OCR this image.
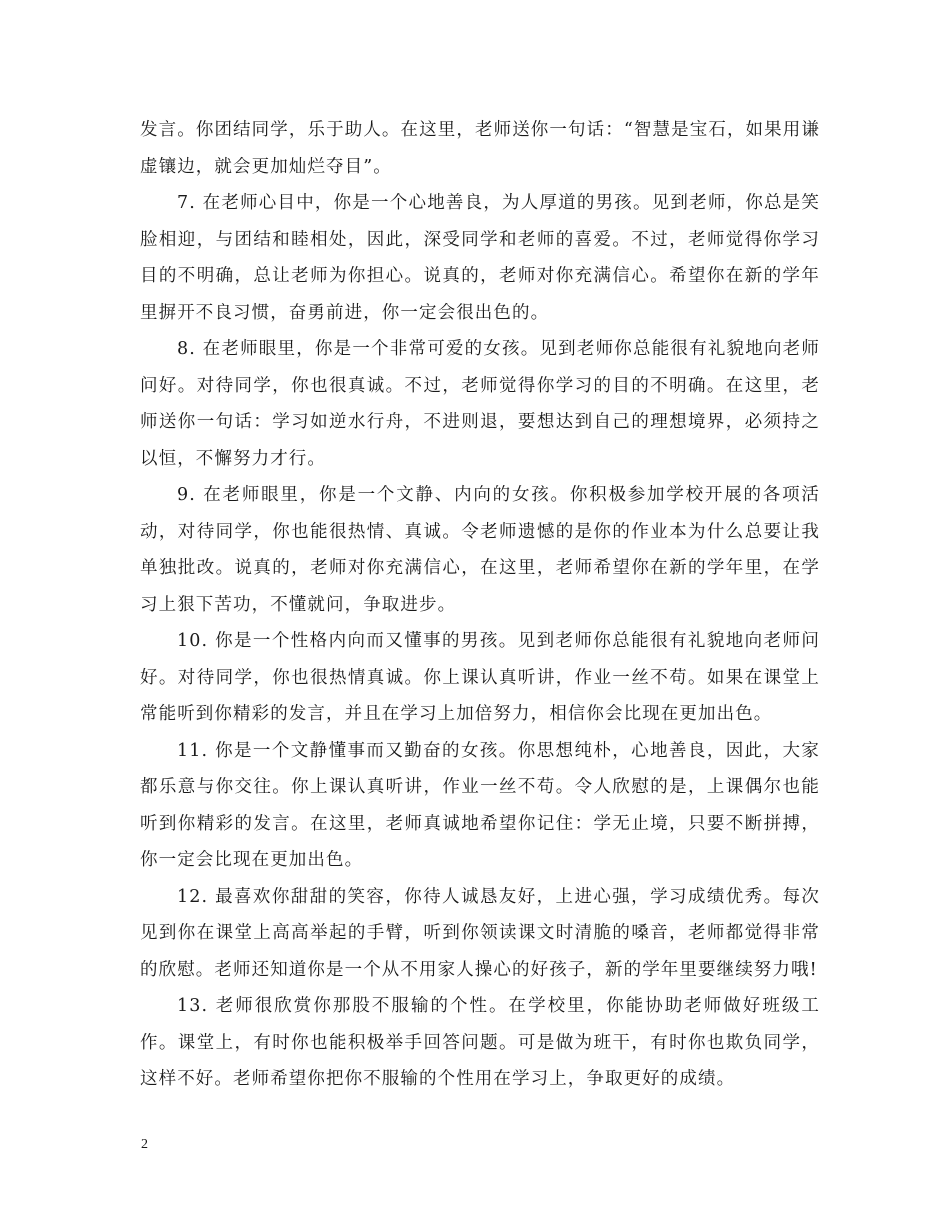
发言。你团结同学，乐于助人。在这里，老师送你一句话：“智慧是宝石，如果用谦虚镶边，就会更加灿烂夺目”。

7. 在老师心目中，你是一个心地善良，为人厚道的男孩。见到老师，你总是笑脸相迎，与团结和睦相处，因此，深受同学和老师的喜爱。不过，老师觉得你学习目的不明确，总让老师为你担心。说真的，老师对你充满信心。希望你在新的学年里摒开不良习惯，奋勇前进，你一定会很出色的。

8. 在老师眼里，你是一个非常可爱的女孩。见到老师你总能很有礼貌地向老师问好。对待同学，你也很真诚。不过，老师觉得你学习的目的不明确。在这里，老师送你一句话：学习如逆水行舟，不进则退，要想达到自己的理想境界，必须持之以恒，不懈努力才行。

9. 在老师眼里，你是一个文静、内向的女孩。你积极参加学校开展的各项活动，对待同学，你也能很热情、真诚。令老师遗憾的是你的作业本为什么总要让我单独批改。说真的，老师对你充满信心，在这里，老师希望你在新的学年里，在学习上狠下苦功，不懂就问，争取进步。

10. 你是一个性格内向而又懂事的男孩。见到老师你总能很有礼貌地向老师问好。对待同学，你也很热情真诚。你上课认真听讲，作业一丝不苟。如果在课堂上常能听到你精彩的发言，并且在学习上加倍努力，相信你会比现在更加出色。

11. 你是一个文静懂事而又勤奋的女孩。你思想纯朴，心地善良，因此，大家都乐意与你交往。你上课认真听讲，作业一丝不苟。令人欣慰的是，上课偶尔也能听到你精彩的发言。在这里，老师真诚地希望你记住：学无止境，只要不断拼搏，你一定会比现在更加出色。

12. 最喜欢你甜甜的笑容，你待人诚恳友好，上进心强，学习成绩优秀。每次见到你在课堂上高高举起的手臂，听到你领读课文时清脆的嗓音，老师都觉得非常的欣慰。老师还知道你是一个从不用家人操心的好孩子，新的学年里要继续努力哦!

13. 老师很欣赏你那股不服输的个性。在学校里，你能协助老师做好班级工作。课堂上，有时你也能积极举手回答问题。可是做为班干，有时你也欺负同学，这样不好。老师希望你把你不服输的个性用在学习上，争取更好的成绩。

2
